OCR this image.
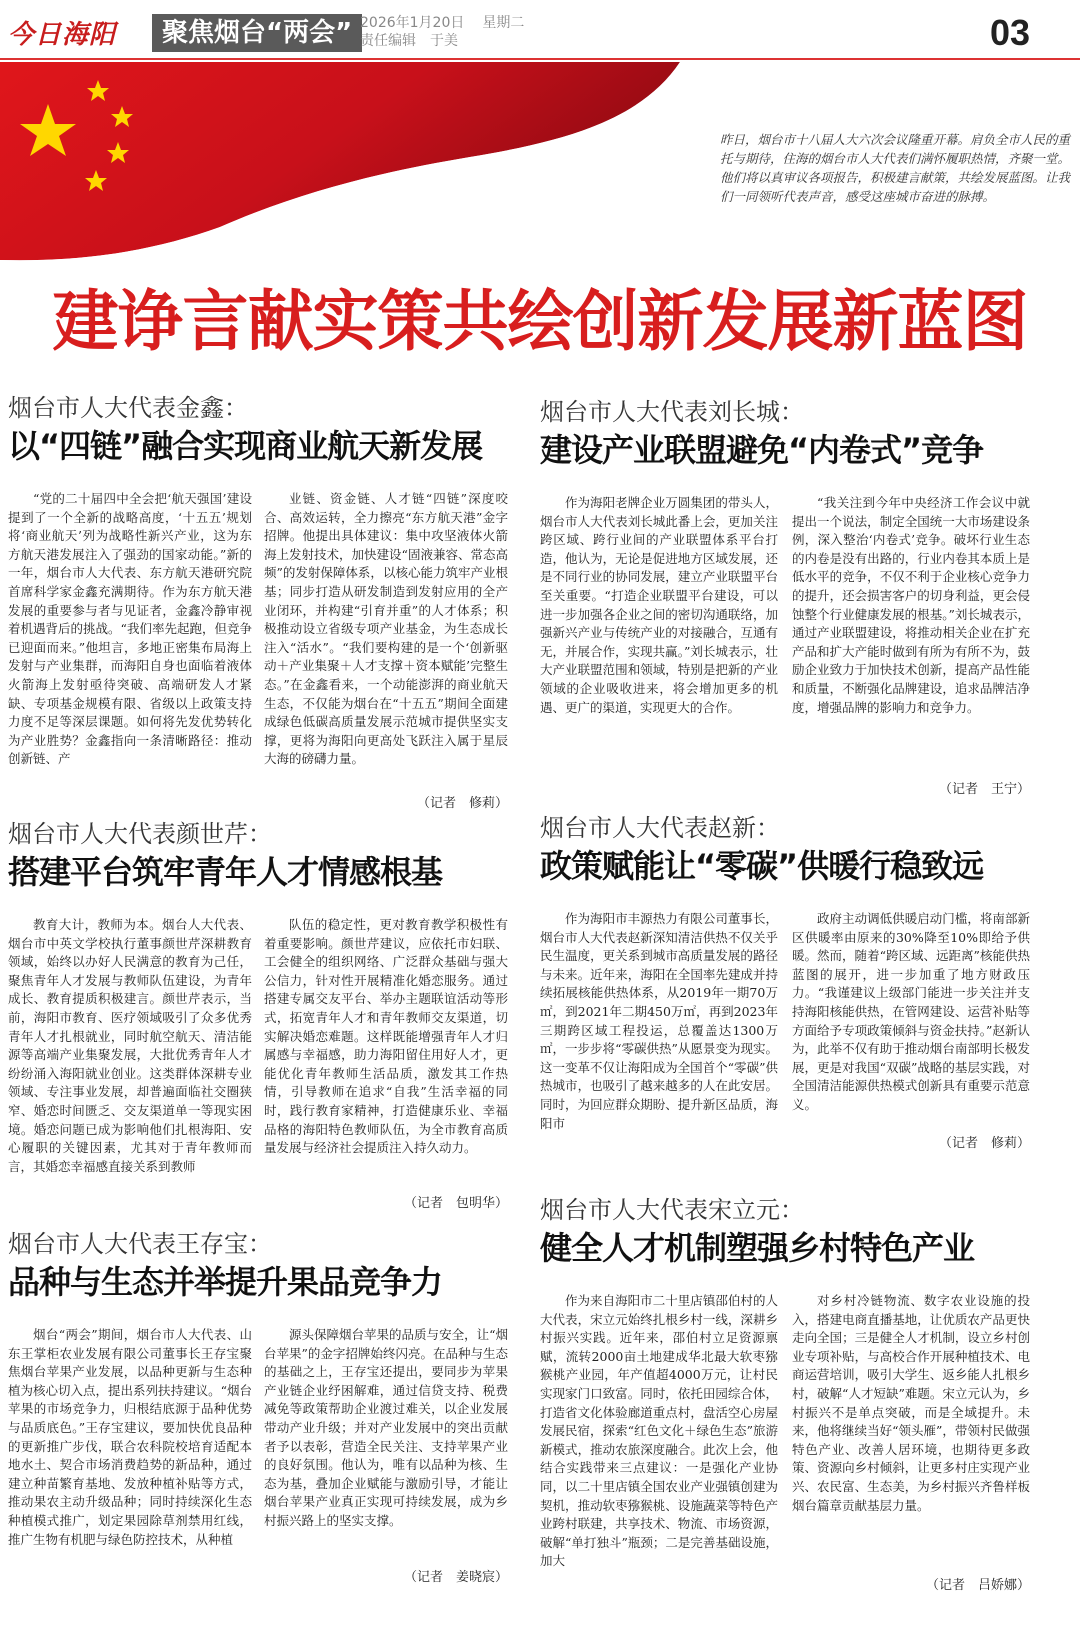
今日海阳	聚焦烟台“两会” 2026年1月20日 星期二
责任编辑　于美	03
昨日，烟台市十八届人大六次会议隆重开幕。肩负全市人民的重托与期待，住海的烟台市人大代表们满怀履职热情，齐聚一堂。他们将以真审议各项报告，积极建言献策，共绘发展蓝图。让我们一同领听代表声音，感受这座城市奋进的脉搏。
建诤言献实策共绘创新发展新蓝图
烟台市人大代表金鑫：
以“四链”融合实现商业航天新发展

“党的二十届四中全会把‘航天强国’建设提到了一个全新的战略高度，‘十五五’规划将‘商业航天’列为战略性新兴产业，这为东方航天港发展注入了强劲的国家动能。”新的一年，烟台市人大代表、东方航天港研究院首席科学家金鑫充满期待。作为东方航天港发展的重要参与者与见证者，金鑫冷静审视着机遇背后的挑战。“我们率先起跑，但竞争已迎面而来。”他坦言，多地正密集布局海上发射与产业集群，而海阳自身也面临着液体火箭海上发射亟待突破、高端研发人才紧缺、专项基金规模有限、省级以上政策支持力度不足等深层课题。如何将先发优势转化为产业胜势？金鑫指向一条清晰路径：推动创新链、产

业链、资金链、人才链“四链”深度咬合、高效运转，全力擦亮“东方航天港”金字招牌。他提出具体建议：集中攻坚液体火箭海上发射技术，加快建设“固液兼容、常态高频”的发射保障体系，以核心能力筑牢产业根基；同步打造从研发制造到发射应用的全产业闭环，并构建“引育并重”的人才体系；积极推动设立省级专项产业基金，为生态成长注入“活水”。“我们要构建的是一个‘创新驱动＋产业集聚＋人才支撑＋资本赋能’完整生态。”在金鑫看来，一个动能澎湃的商业航天生态，不仅能为烟台在“十五五”期间全面建成绿色低碳高质量发展示范城市提供坚实支撑，更将为海阳向更高处飞跃注入属于星辰大海的磅礴力量。

（记者　修莉）
烟台市人大代表刘长城：
建设产业联盟避免“内卷式”竞争

作为海阳老牌企业万圆集团的带头人，烟台市人大代表刘长城此番上会，更加关注跨区域、跨行业间的产业联盟体系平台打造，他认为，无论是促进地方区域发展，还是不同行业的协同发展，建立产业联盟平台至关重要。“打造企业联盟平台建设，可以进一步加强各企业之间的密切沟通联络，加强新兴产业与传统产业的对接融合，互通有无，并展合作，实现共赢。”刘长城表示，壮大产业联盟范围和领域，特别是把新的产业领域的企业吸收进来，将会增加更多的机遇、更广的渠道，实现更大的合作。

“我关注到今年中央经济工作会议中就提出一个说法，制定全国统一大市场建设条例，深入整治‘内卷式’竞争。破坏行业生态的内卷是没有出路的，行业内卷其本质上是低水平的竞争，不仅不利于企业核心竞争力的提升，还会损害客户的切身利益，更会侵蚀整个行业健康发展的根基。”刘长城表示，通过产业联盟建设，将推动相关企业在扩充产品和扩大产能时做到有所为有所不为，鼓励企业致力于加快技术创新，提高产品性能和质量，不断强化品牌建设，追求品牌洁净度，增强品牌的影响力和竞争力。

（记者　王宁）
烟台市人大代表颜世芹：
搭建平台筑牢青年人才情感根基

教育大计，教师为本。烟台人大代表、烟台市中英文学校执行董事颜世芹深耕教育领域，始终以办好人民满意的教育为己任，聚焦青年人才发展与教师队伍建设，为青年成长、教育提质积极建言。颜世芹表示，当前，海阳市教育、医疗领域吸引了众多优秀青年人才扎根就业，同时航空航天、清洁能源等高端产业集聚发展，大批优秀青年人才纷纷涌入海阳就业创业。这类群体深耕专业领域、专注事业发展，却普遍面临社交圈狭窄、婚恋时间匮乏、交友渠道单一等现实困境。婚恋问题已成为影响他们扎根海阳、安心履职的关键因素，尤其对于青年教师而言，其婚恋幸福感直接关系到教师

队伍的稳定性，更对教育教学积极性有着重要影响。颜世芹建议，应依托市妇联、工会健全的组织网络、广泛群众基础与强大公信力，针对性开展精准化婚恋服务。通过搭建专属交友平台、举办主题联谊活动等形式，拓宽青年人才和青年教师交友渠道，切实解决婚恋难题。这样既能增强青年人才归属感与幸福感，助力海阳留住用好人才，更能优化青年教师生活品质，激发其工作热情，引导教师在追求“自我”生活幸福的同时，践行教育家精神，打造健康乐业、幸福品格的海阳特色教师队伍，为全市教育高质量发展与经济社会提质注入持久动力。

（记者　包明华）
烟台市人大代表赵新：
政策赋能让“零碳”供暖行稳致远

作为海阳市丰源热力有限公司董事长，烟台市人大代表赵新深知清洁供热不仅关乎民生温度，更关系到城市高质量发展的路径与未来。近年来，海阳在全国率先建成并持续拓展核能供热体系，从2019年一期70万㎡，到2021年二期450万㎡，再到2023年三期跨区域工程投运，总覆盖达1300万㎡，一步步将“零碳供热”从愿景变为现实。这一变革不仅让海阳成为全国首个“零碳”供热城市，也吸引了越来越多的人在此安居。同时，为回应群众期盼、提升新区品质，海阳市

政府主动调低供暖启动门槛，将南部新区供暖率由原来的30%降至10%即给予供暖。然而，随着“跨区域、远距离”核能供热蓝图的展开，进一步加重了地方财政压力。“我谨建议上级部门能进一步关注并支持海阳核能供热，在管网建设、运营补贴等方面给予专项政策倾斜与资金扶持。”赵新认为，此举不仅有助于推动烟台南部明长极发展，更是对我国“双碳”战略的基层实践，对全国清洁能源供热模式创新具有重要示范意义。

（记者　修莉）
烟台市人大代表王存宝：
品种与生态并举提升果品竞争力

烟台“两会”期间，烟台市人大代表、山东王掌柜农业发展有限公司董事长王存宝聚焦烟台苹果产业发展，以品种更新与生态种植为核心切入点，提出系列扶持建议。“烟台苹果的市场竞争力，归根结底源于品种优势与品质底色。”王存宝建议，要加快优良品种的更新推广步伐，联合农科院校培育适配本地水土、契合市场消费趋势的新品种，通过建立种苗繁育基地、发放种植补贴等方式，推动果农主动升级品种；同时持续深化生态种植模式推广，划定果园除草剂禁用红线，推广生物有机肥与绿色防控技术，从种植

源头保障烟台苹果的品质与安全，让“烟台苹果”的金字招牌始终闪亮。在品种与生态的基础之上，王存宝还提出，要同步为苹果产业链企业纾困解难，通过信贷支持、税费减免等政策帮助企业渡过难关，以企业发展带动产业升级；并对产业发展中的突出贡献者予以表彰，营造全民关注、支持苹果产业的良好氛围。他认为，唯有以品种为核、生态为基，叠加企业赋能与激励引导，才能让烟台苹果产业真正实现可持续发展，成为乡村振兴路上的坚实支撑。

（记者　姜晓宸）
烟台市人大代表宋立元：
健全人才机制塑强乡村特色产业

作为来自海阳市二十里店镇邵伯村的人大代表，宋立元始终扎根乡村一线，深耕乡村振兴实践。近年来，邵伯村立足资源禀赋，流转2000亩土地建成华北最大软枣猕猴桃产业园，年产值超4000万元，让村民实现家门口致富。同时，依托田园综合体，打造省文化体验廊道重点村，盘活空心房屋发展民宿，探索“红色文化＋绿色生态”旅游新模式，推动农旅深度融合。此次上会，他结合实践带来三点建议：一是强化产业协同，以二十里店镇全国农业产业强镇创建为契机，推动软枣猕猴桃、设施蔬菜等特色产业跨村联建，共享技术、物流、市场资源，破解“单打独斗”瓶颈；二是完善基础设施，加大

对乡村冷链物流、数字农业设施的投入，搭建电商直播基地，让优质农产品更快走向全国；三是健全人才机制，设立乡村创业专项补贴，与高校合作开展种植技术、电商运营培训，吸引大学生、返乡能人扎根乡村，破解“人才短缺”难题。宋立元认为，乡村振兴不是单点突破，而是全域提升。未来，他将继续当好“领头雁”，带领村民做强特色产业、改善人居环境，也期待更多政策、资源向乡村倾斜，让更多村庄实现产业兴、农民富、生态美，为乡村振兴齐鲁样板烟台篇章贡献基层力量。

（记者　吕娇娜）
